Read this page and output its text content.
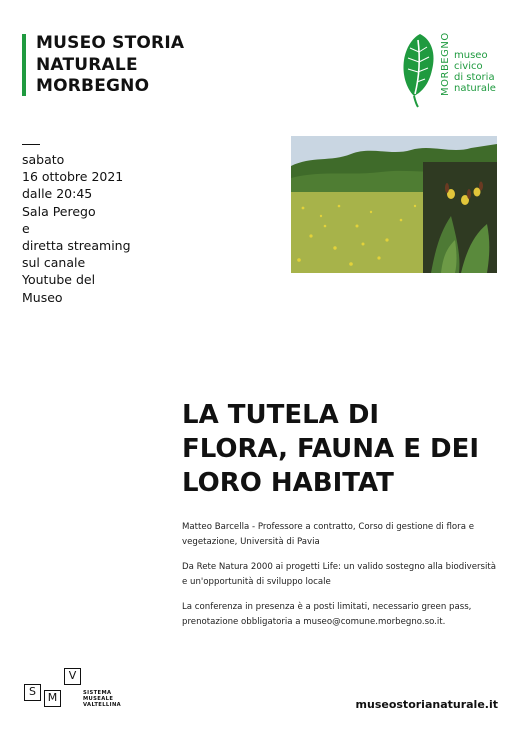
MUSEO STORIA
NATURALE
MORBEGNO	MORBEGNO museo
civico
di storia
naturale
sabato
16 ottobre 2021
dalle 20:45
Sala Perego
e
diretta streaming
sul canale
Youtube del
Museo
LA TUTELA DI
FLORA, FAUNA E DEI
LORO HABITAT

Matteo Barcella - Professore a contratto, Corso di gestione di flora e vegetazione, Università di Pavia

Da Rete Natura 2000 ai progetti Life: un valido sostegno alla biodiversità e un'opportunità di sviluppo locale

La conferenza in presenza è a posti limitati, necessario green pass, prenotazione obbligatoria a museo@comune.morbegno.so.it.

S	M
V
SISTEMA
MUSEALE
VALTELLINA	museostorianaturale.it
